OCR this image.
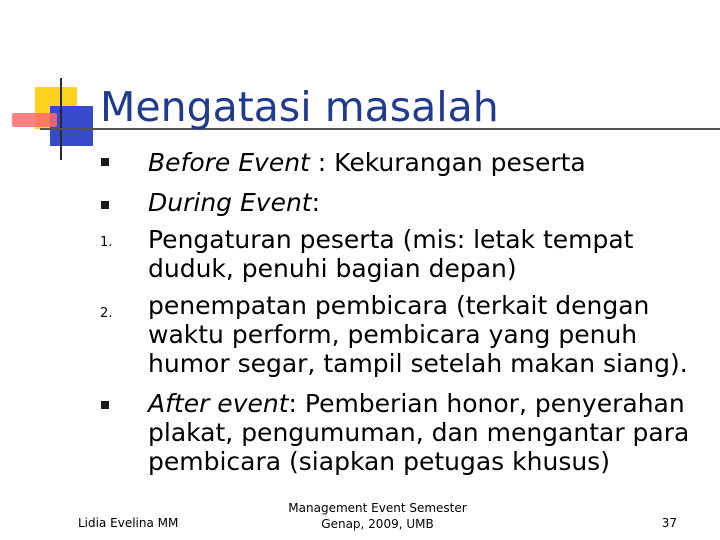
Mengatasi masalah
Before Event : Kekurangan peserta
During Event:
1.	Pengaturan peserta (mis: letak tempat duduk, penuhi bagian depan)
2.	penempatan pembicara (terkait dengan waktu perform, pembicara yang penuh humor segar, tampil setelah makan siang).
After event: Pemberian honor, penyerahan plakat, pengumuman, dan mengantar para pembicara (siapkan petugas khusus)
Lidia Evelina MM
Management Event Semester
Genap, 2009, UMB	37
